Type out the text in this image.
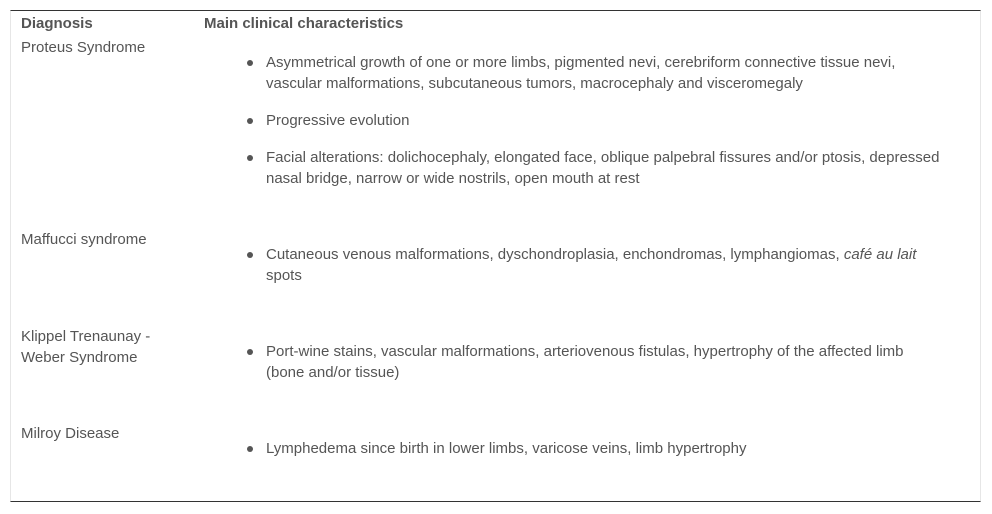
Diagnosis	Main clinical characteristics
Proteus Syndrome
Asymmetrical growth of one or more limbs, pigmented nevi, cerebriform connective tissue nevi, vascular malformations, subcutaneous tumors, macrocephaly and visceromegaly
Progressive evolution
Facial alterations: dolichocephaly, elongated face, oblique palpebral fissures and/or ptosis, depressed nasal bridge, narrow or wide nostrils, open mouth at rest
Maffucci syndrome
Cutaneous venous malformations, dyschondroplasia, enchondromas, lymphangiomas, café au lait spots
Klippel Trenaunay - Weber Syndrome	Port-wine stains, vascular malformations, arteriovenous fistulas, hypertrophy of the affected limb (bone and/or tissue)
Milroy Disease
Lymphedema since birth in lower limbs, varicose veins, limb hypertrophy
